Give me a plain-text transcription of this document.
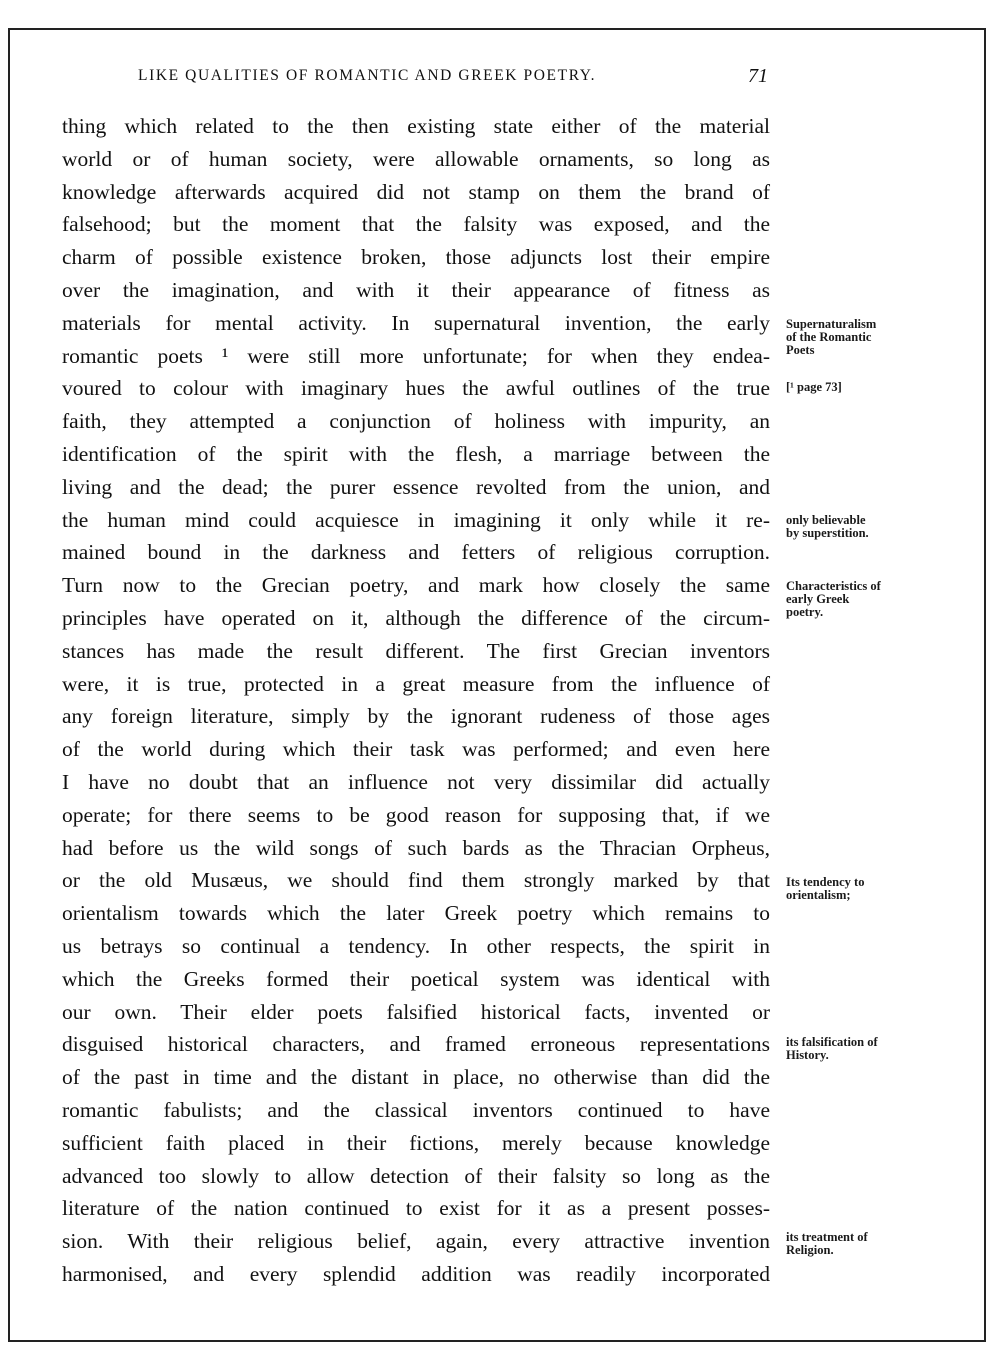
LIKE QUALITIES OF ROMANTIC AND GREEK POETRY.	71
thing which related to the then existing state either of the material
world or of human society, were allowable ornaments, so long as
knowledge afterwards acquired did not stamp on them the brand of
falsehood; but the moment that the falsity was exposed, and the
charm of possible existence broken, those adjuncts lost their empire
over the imagination, and with it their appearance of fitness as
materials for mental activity. In supernatural invention, the early
romantic poets ¹ were still more unfortunate; for when they endea-
voured to colour with imaginary hues the awful outlines of the true
faith, they attempted a conjunction of holiness with impurity, an
identification of the spirit with the flesh, a marriage between the
living and the dead; the purer essence revolted from the union, and
the human mind could acquiesce in imagining it only while it re-
mained bound in the darkness and fetters of religious corruption.
Turn now to the Grecian poetry, and mark how closely the same
principles have operated on it, although the difference of the circum-
stances has made the result different. The first Grecian inventors
were, it is true, protected in a great measure from the influence of
any foreign literature, simply by the ignorant rudeness of those ages
of the world during which their task was performed; and even here
I have no doubt that an influence not very dissimilar did actually
operate; for there seems to be good reason for supposing that, if we
had before us the wild songs of such bards as the Thracian Orpheus,
or the old Musæus, we should find them strongly marked by that
orientalism towards which the later Greek poetry which remains to
us betrays so continual a tendency. In other respects, the spirit in
which the Greeks formed their poetical system was identical with
our own. Their elder poets falsified historical facts, invented or
disguised historical characters, and framed erroneous representations
of the past in time and the distant in place, no otherwise than did the
romantic fabulists; and the classical inventors continued to have
sufficient faith placed in their fictions, merely because knowledge
advanced too slowly to allow detection of their falsity so long as the
literature of the nation continued to exist for it as a present posses-
sion. With their religious belief, again, every attractive invention
harmonised, and every splendid addition was readily incorporated
Supernaturalism
of the Romantic
Poets
[¹ page 73]
only believable
by superstition.
Characteristics of
early Greek
poetry.
Its tendency to
orientalism;
its falsification of
History.
its treatment of
Religion.
